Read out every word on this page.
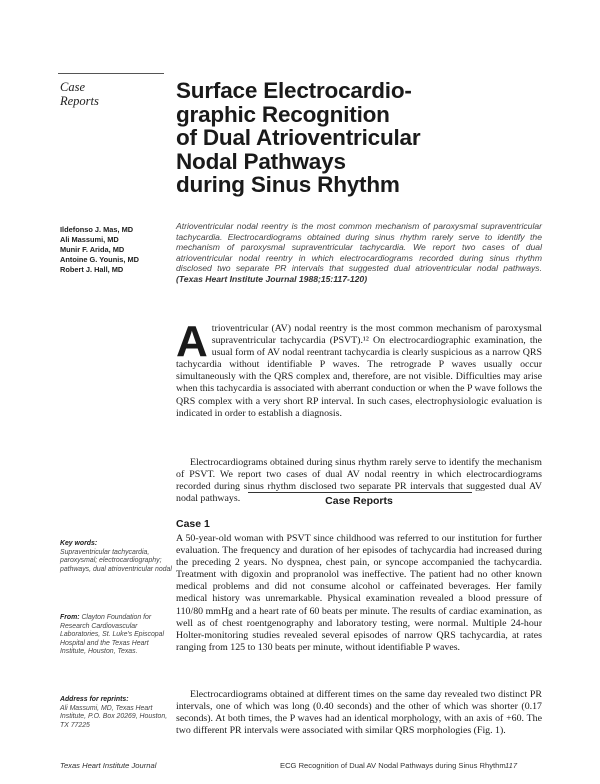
Case
Reports	Surface Electrocardio-
graphic Recognition
of Dual Atrioventricular
Nodal Pathways
during Sinus Rhythm
Ildefonso J. Mas, MD
Ali Massumi, MD
Munir F. Arida, MD
Antoine G. Younis, MD
Robert J. Hall, MD
Atrioventricular nodal reentry is the most common mechanism of paroxysmal supraventricular tachycardia. Electrocardiograms obtained during sinus rhythm rarely serve to identify the mechanism of paroxysmal supraventricular tachycardia. We report two cases of dual atrioventricular nodal reentry in which electrocardiograms recorded during sinus rhythm disclosed two separate PR intervals that suggested dual atrioventricular nodal pathways. (Texas Heart Institute Journal 1988;15:117-120)
Atrioventricular (AV) nodal reentry is the most common mechanism of paroxysmal supraventricular tachycardia (PSVT).¹² On electrocardiographic examination, the usual form of AV nodal reentrant tachycardia is clearly suspicious as a narrow QRS tachycardia without identifiable P waves. The retrograde P waves usually occur simultaneously with the QRS complex and, therefore, are not visible. Difficulties may arise when this tachycardia is associated with aberrant conduction or when the P wave follows the QRS complex with a very short RP interval. In such cases, electrophysiologic evaluation is indicated in order to establish a diagnosis.
Electrocardiograms obtained during sinus rhythm rarely serve to identify the mechanism of PSVT. We report two cases of dual AV nodal reentry in which electrocardiograms recorded during sinus rhythm disclosed two separate PR intervals that suggested dual AV nodal pathways.	Case Reports
Case 1
A 50-year-old woman with PSVT since childhood was referred to our institution for further evaluation. The frequency and duration of her episodes of tachycardia had increased during the preceding 2 years. No dyspnea, chest pain, or syncope accompanied the tachycardia. Treatment with digoxin and propranolol was ineffective. The patient had no other known medical problems and did not consume alcohol or caffeinated beverages. Her family medical history was unremarkable. Physical examination revealed a blood pressure of 110/80 mmHg and a heart rate of 60 beats per minute. The results of cardiac examination, as well as of chest roentgenography and laboratory testing, were normal. Multiple 24-hour Holter-monitoring studies revealed several episodes of narrow QRS tachycardia, at rates ranging from 125 to 130 beats per minute, without identifiable P waves.
Electrocardiograms obtained at different times on the same day revealed two distinct PR intervals, one of which was long (0.40 seconds) and the other of which was shorter (0.17 seconds). At both times, the P waves had an identical morphology, with an axis of +60. The two different PR intervals were associated with similar QRS morphologies (Fig. 1).
Key words:
Supraventricular tachycardia, paroxysmal; electrocardiography; pathways, dual atrioventricular nodal
From: Clayton Foundation for Research Cardiovascular Laboratories, St. Luke's Episcopal Hospital and the Texas Heart Institute, Houston, Texas.
Address for reprints:
Ali Massumi, MD, Texas Heart Institute, P.O. Box 20269, Houston, TX 77225
Texas Heart Institute Journal	ECG Recognition of Dual AV Nodal Pathways during Sinus Rhythm 117
